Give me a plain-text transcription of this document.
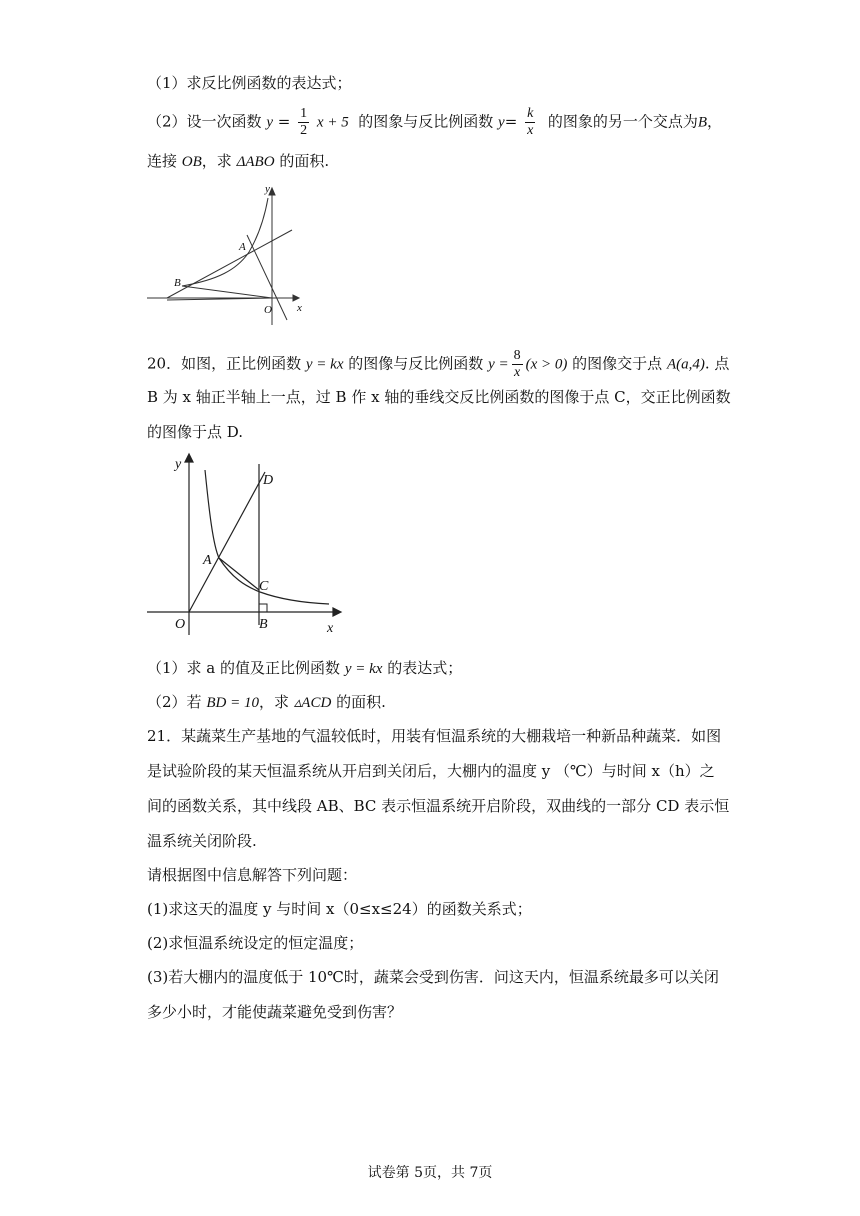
（1）求反比例函数的表达式；
（2）设一次函数 $y = \frac{1}{2}$ x + 5 的图象与反比例函数 $y= \frac{k}{x}$ 的图象的另一个交点为B，
连接 OB，求 ΔABO 的面积.
y
A
B
O x
20．如图，正比例函数 y = kx 的图像与反比例函数 $y = \frac{8}{x} (x > 0)$ 的图像交于点 A(a,4). 点
B 为 x 轴正半轴上一点，过 B 作 x 轴的垂线交反比例函数的图像于点 C，交正比例函数
的图像于点 D.
y
D
A
C
O	B	x
（1）求 a 的值及正比例函数 y = kx 的表达式；
（2）若 BD = 10，求 ▵ACD 的面积.
21．某蔬菜生产基地的气温较低时，用装有恒温系统的大棚栽培一种新品种蔬菜．如图
是试验阶段的某天恒温系统从开启到关闭后，大棚内的温度 y （℃）与时间 x（h）之
间的函数关系，其中线段 AB、BC 表示恒温系统开启阶段，双曲线的一部分 CD 表示恒
温系统关闭阶段.
请根据图中信息解答下列问题：
(1)求这天的温度 y 与时间 x（0≤x≤24）的函数关系式；
(2)求恒温系统设定的恒定温度；
(3)若大棚内的温度低于 10℃时，蔬菜会受到伤害．问这天内，恒温系统最多可以关闭
多少小时，才能使蔬菜避免受到伤害？
试卷第 5页，共 7页
